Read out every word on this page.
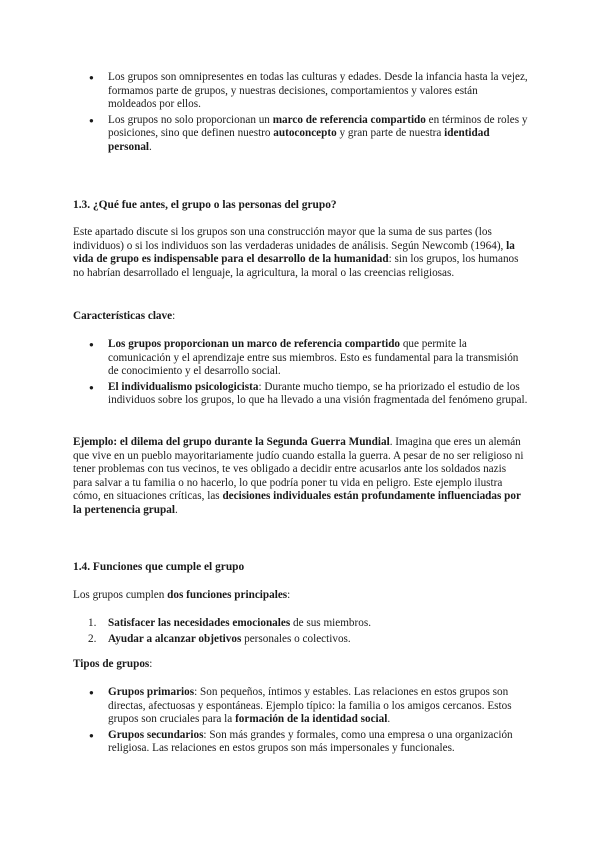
● Los grupos son omnipresentes en todas las culturas y edades. Desde la infancia hasta la vejez, formamos parte de grupos, y nuestras decisiones, comportamientos y valores están moldeados por ellos.
● Los grupos no solo proporcionan un marco de referencia compartido en términos de roles y posiciones, sino que definen nuestro autoconcepto y gran parte de nuestra identidad personal.
1.3. ¿Qué fue antes, el grupo o las personas del grupo?

Este apartado discute si los grupos son una construcción mayor que la suma de sus partes (los individuos) o si los individuos son las verdaderas unidades de análisis. Según Newcomb (1964), la vida de grupo es indispensable para el desarrollo de la humanidad: sin los grupos, los humanos no habrían desarrollado el lenguaje, la agricultura, la moral o las creencias religiosas.

Características clave:

● Los grupos proporcionan un marco de referencia compartido que permite la comunicación y el aprendizaje entre sus miembros. Esto es fundamental para la transmisión de conocimiento y el desarrollo social.
● El individualismo psicologicista: Durante mucho tiempo, se ha priorizado el estudio de los individuos sobre los grupos, lo que ha llevado a una visión fragmentada del fenómeno grupal.

Ejemplo: el dilema del grupo durante la Segunda Guerra Mundial. Imagina que eres un alemán que vive en un pueblo mayoritariamente judío cuando estalla la guerra. A pesar de no ser religioso ni tener problemas con tus vecinos, te ves obligado a decidir entre acusarlos ante los soldados nazis para salvar a tu familia o no hacerlo, lo que podría poner tu vida en peligro. Este ejemplo ilustra cómo, en situaciones críticas, las decisiones individuales están profundamente influenciadas por la pertenencia grupal.

1.4. Funciones que cumple el grupo

Los grupos cumplen dos funciones principales:

1. Satisfacer las necesidades emocionales de sus miembros.
2. Ayudar a alcanzar objetivos personales o colectivos.

Tipos de grupos:

● Grupos primarios: Son pequeños, íntimos y estables. Las relaciones en estos grupos son directas, afectuosas y espontáneas. Ejemplo típico: la familia o los amigos cercanos. Estos grupos son cruciales para la formación de la identidad social.
● Grupos secundarios: Son más grandes y formales, como una empresa o una organización religiosa. Las relaciones en estos grupos son más impersonales y funcionales.
